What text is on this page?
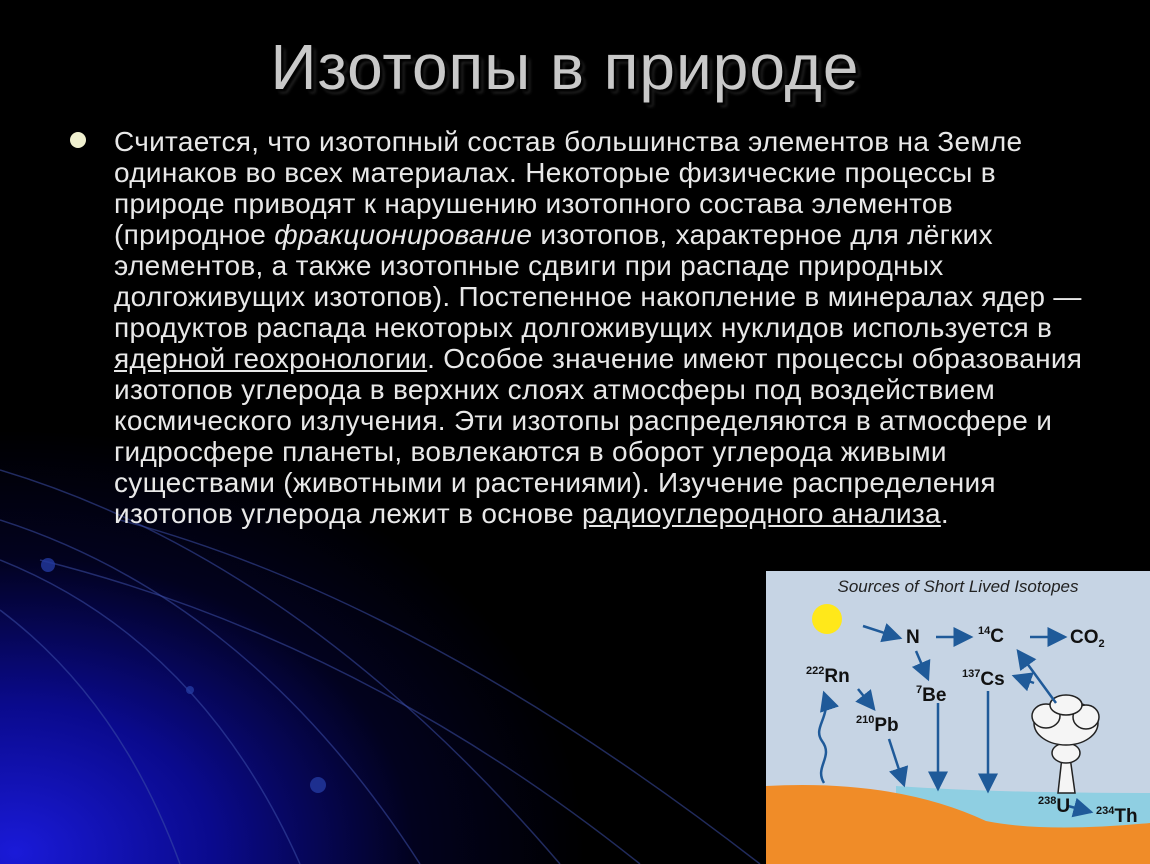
Изотопы в природе
Считается, что изотопный состав большинства элементов на Земле одинаков во всех материалах. Некоторые физические процессы в природе приводят к нарушению изотопного состава элементов (природное фракционирование изотопов, характерное для лёгких элементов, а также изотопные сдвиги при распаде природных долгоживущих изотопов). Постепенное накопление в минералах ядер — продуктов распада некоторых долгоживущих нуклидов используется в ядерной геохронологии. Особое значение имеют процессы образования изотопов углерода в верхних слоях атмосферы под воздействием космического излучения. Эти изотопы распределяются в атмосфере и гидросфере планеты, вовлекаются в оборот углерода живыми существами (животными и растениями). Изучение распределения изотопов углерода лежит в основе радиоуглеродного анализа.
Sources of Short Lived Isotopes
N	$^{14}$C	$CO_2$
$^{222}$Rn
$^7$Be
$^{137}$Cs
$^{210}$Pb
$^{238}$U $^{234}$Th
